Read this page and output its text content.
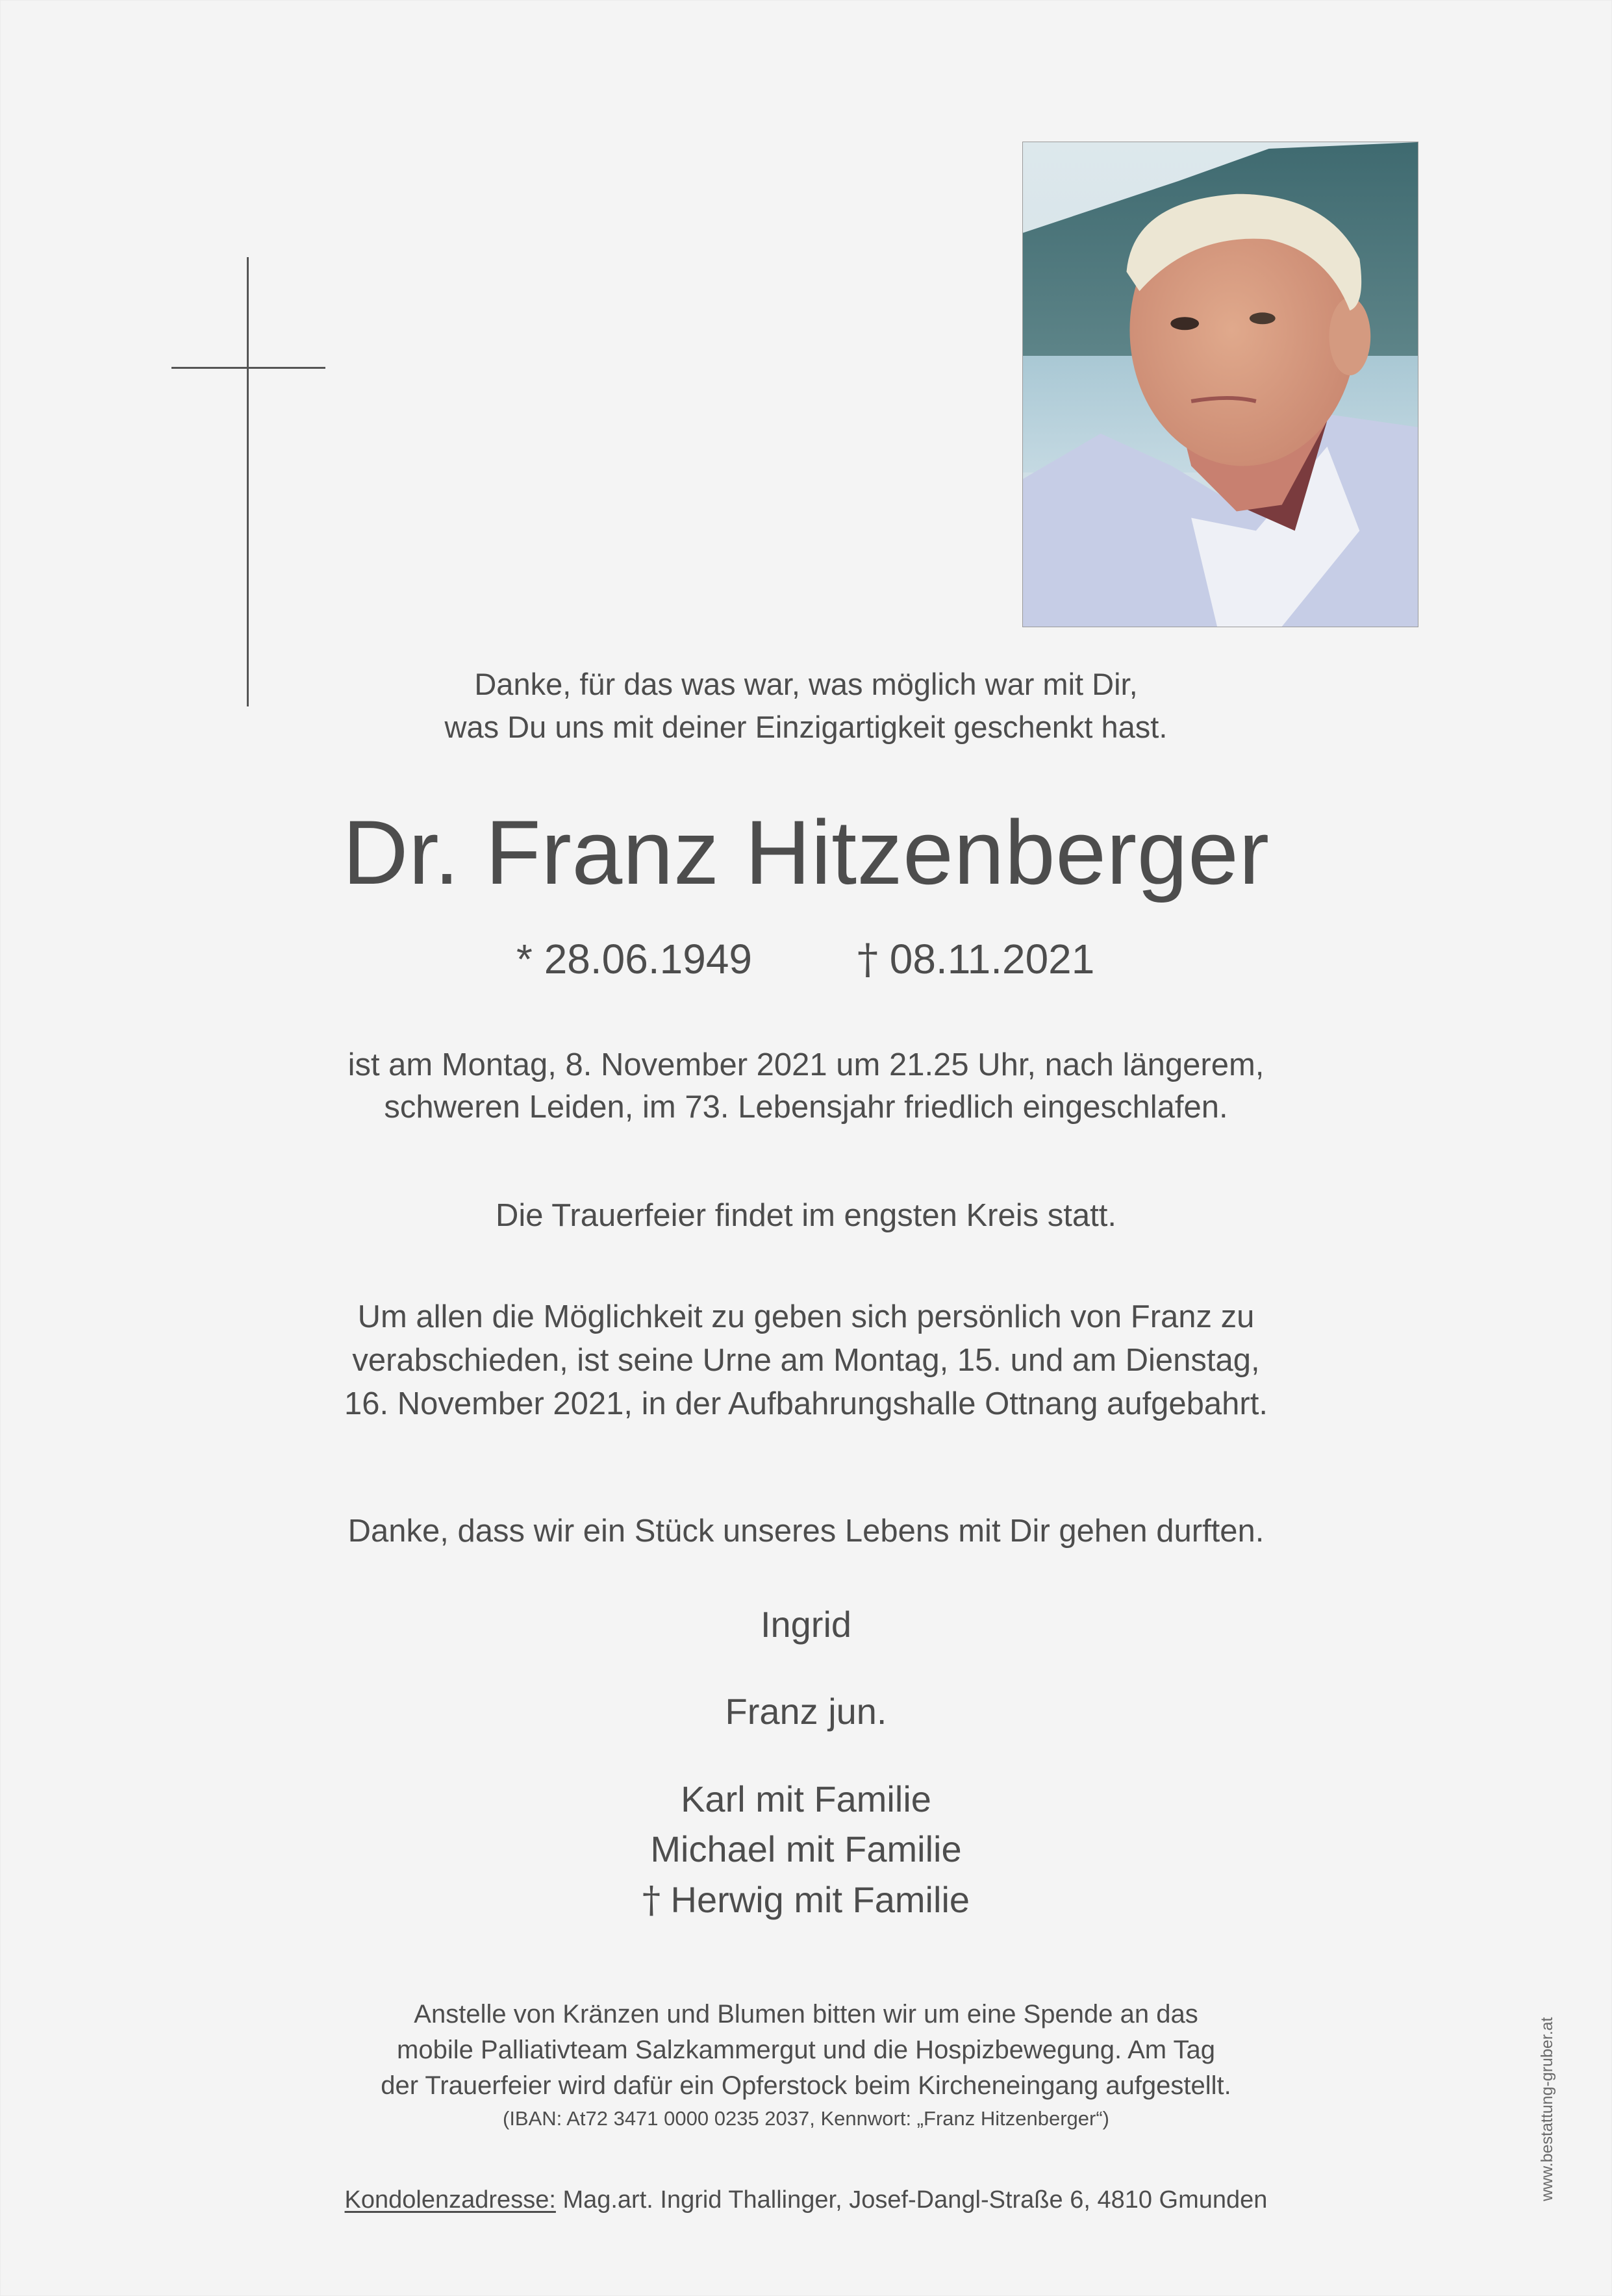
Danke, für das was war, was möglich war mit Dir,
was Du uns mit deiner Einzigartigkeit geschenkt hast.
Dr. Franz Hitzenberger
* 28.06.1949	† 08.11.2021
ist am Montag, 8. November 2021 um 21.25 Uhr, nach längerem,
schweren Leiden, im 73. Lebensjahr friedlich eingeschlafen.
Die Trauerfeier findet im engsten Kreis statt.
Um allen die Möglichkeit zu geben sich persönlich von Franz zu
verabschieden, ist seine Urne am Montag, 15. und am Dienstag,
16. November 2021, in der Aufbahrungshalle Ottnang aufgebahrt.
Danke, dass wir ein Stück unseres Lebens mit Dir gehen durften.
Ingrid
Franz jun.
Karl mit Familie
Michael mit Familie
† Herwig mit Familie
Anstelle von Kränzen und Blumen bitten wir um eine Spende an das
mobile Palliativteam Salzkammergut und die Hospizbewegung. Am Tag
der Trauerfeier wird dafür ein Opferstock beim Kircheneingang aufgestellt.
(IBAN: At72 3471 0000 0235 2037, Kennwort: „Franz Hitzenberger“)
Kondolenzadresse: Mag.art. Ingrid Thallinger, Josef-Dangl-Straße 6, 4810 Gmunden	www.bestattung-gruber.at
